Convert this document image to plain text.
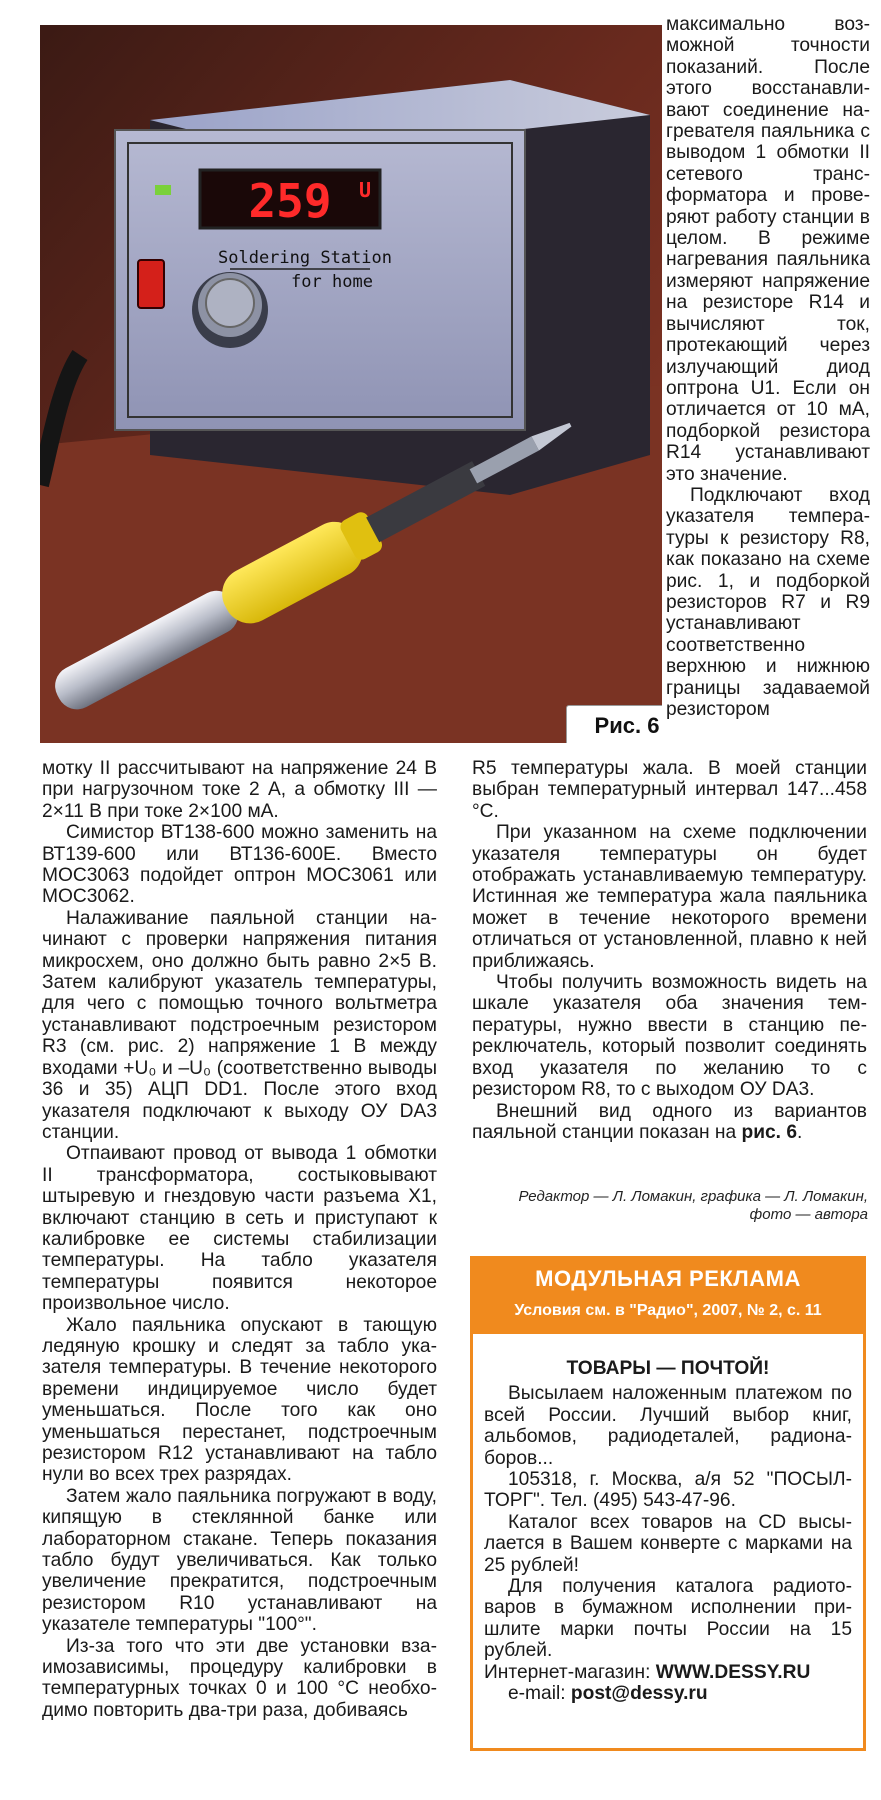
259 U
Soldering Station
for home
Рис. 6

максимально возможной точности показаний. После этого восстанавливают соединение нагревателя паяльника с выводом 1 обмотки II сетевого трансформатора и проверяют работу станции в целом. В режиме нагревания паяльника измеряют напряжение на резисторе R14 и вычисляют ток, протекающий через излучающий диод оптрона U1. Если он отличается от 10 мА, подборкой резистора R14 устанавливают это значение.

Подключают вход указателя температуры к резистору R8, как показано на схеме рис. 1, и подборкой резисторов R7 и R9 устанавливают соответственно верхнюю и нижнюю границы задаваемой резистором

мотку II рассчитывают на напряжение 24 В при нагрузочном токе 2 А, а обмотку III — 2×11 В при токе 2×100 мА.

Симистор ВТ138-600 можно заменить на ВТ139-600 или ВТ136-600Е. Вместо МОС3063 подойдет оптрон МОС3061 или МОС3062.

Налаживание паяльной станции начинают с проверки напряжения питания микросхем, оно должно быть равно 2×5 В. Затем калибруют указатель температуры, для чего с помощью точного вольтметра устанавливают подстроечным резистором R3 (см. рис. 2) напряжение 1 В между входами +U₀ и –U₀ (соответственно выводы 36 и 35) АЦП DD1. После этого вход указателя подключают к выходу ОУ DA3 станции.

Отпаивают провод от вывода 1 обмотки II трансформатора, состыковывают штыревую и гнездовую части разъема Х1, включают станцию в сеть и приступают к калибровке ее системы стабилизации температуры. На табло указателя температуры появится некоторое произвольное число.

Жало паяльника опускают в тающую ледяную крошку и следят за табло указателя температуры. В течение некоторого времени индицируемое число будет уменьшаться. После того как оно уменьшаться перестанет, подстроечным резистором R12 устанавливают на табло нули во всех трех разрядах.

Затем жало паяльника погружают в воду, кипящую в стеклянной банке или лабораторном стакане. Теперь показания табло будут увеличиваться. Как только увеличение прекратится, подстроечным резистором R10 устанавливают на указателе температуры "100°".

Из-за того что эти две установки взаимозависимы, процедуру калибровки в температурных точках 0 и 100 °С необходимо повторить два-три раза, добиваясь

R5 температуры жала. В моей станции выбран температурный интервал 147...458 °С.

При указанном на схеме подключении указателя температуры он будет отображать устанавливаемую температуру. Истинная же температура жала паяльника может в течение некоторого времени отличаться от установленной, плавно к ней приближаясь.

Чтобы получить возможность видеть на шкале указателя оба значения температуры, нужно ввести в станцию переключатель, который позволит соединять вход указателя по желанию то с резистором R8, то с выходом ОУ DA3.

Внешний вид одного из вариантов паяльной станции показан на рис. 6.

Редактор — Л. Ломакин, графика — Л. Ломакин,
фото — автора
МОДУЛЬНАЯ РЕКЛАМА
Условия см. в "Радио", 2007, № 2, с. 11

ТОВАРЫ — ПОЧТОЙ!

Высылаем наложенным платежом по всей России. Лучший выбор книг, альбомов, радиодеталей, радионаборов...

105318, г. Москва, а/я 52 "ПОСЫЛТОРГ". Тел. (495) 543-47-96.

Каталог всех товаров на CD высылается в Вашем конверте с марками на 25 рублей!

Для получения каталога радиотоваров в бумажном исполнении пришлите марки почты России на 15 рублей.

Интернет-магазин: WWW.DESSY.RU

e-mail: post@dessy.ru
